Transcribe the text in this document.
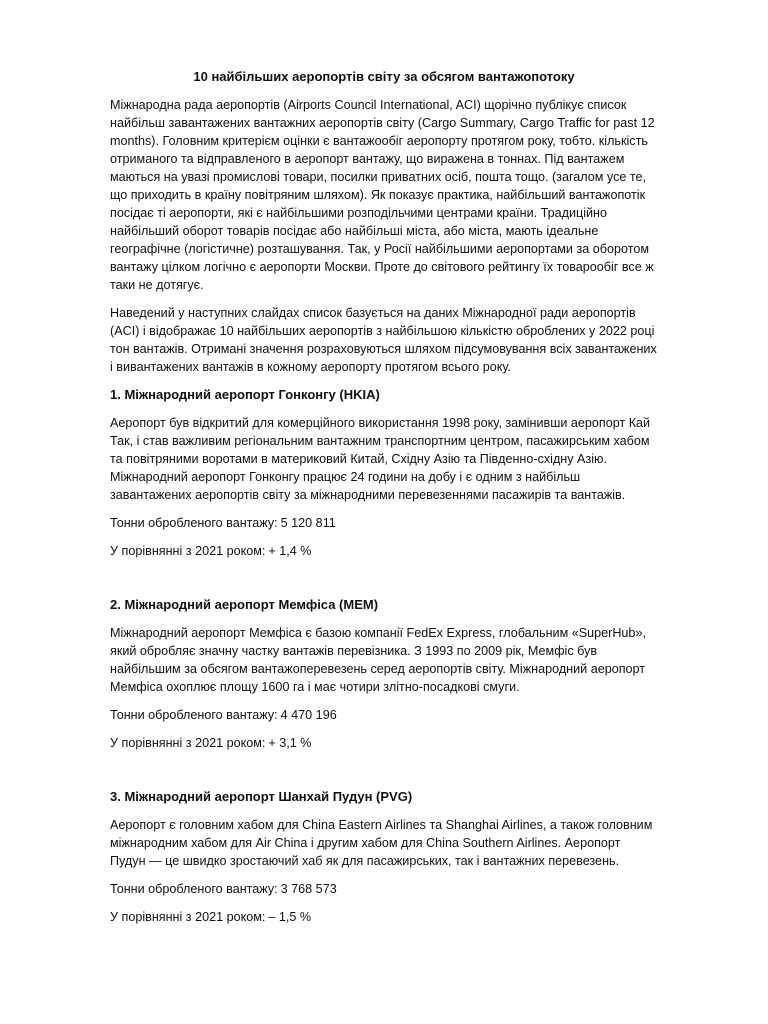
10 найбільших аеропортів світу за обсягом вантажопотоку

Міжнародна рада аеропортів (Airports Council Internatіonal, ACI) щорічно публікує список найбільш завантажених вантажних аеропортів світу (Cargo Summary, Cargo Traffic for past 12 months). Головним критерієм оцінки є вантажообіг аеропорту протягом року, тобто. кількість отриманого та відправленого в аеропорт вантажу, що виражена в тоннах. Під вантажем маються на увазі промислові товари, посилки приватних осіб, пошта тощо. (загалом усе те, що приходить в країну повітряним шляхом). Як показує практика, найбільший вантажопотік посідає ті аеропорти, які є найбільшими розподільчими центрами країни. Традиційно найбільший оборот товарів посідає або найбільші міста, або міста, мають ідеальне географічне (логістичне) розташування. Так, у Росії найбільшими аеропортами за оборотом вантажу цілком логічно є аеропорти Москви. Проте до світового рейтингу їх товарообіг все ж таки не дотягує.

Наведений у наступних слайдах список базується на даних Міжнародної ради аеропортів (ACI) і відображає 10 найбільших аеропортів з найбільшою кількістю оброблених у 2022 році тон вантажів. Отримані значення розраховуються шляхом підсумовування всіх завантажених і вивантажених вантажів в кожному аеропорту протягом всього року.

1. Міжнародний аеропорт Гонконгу (HKIA)

Аеропорт був відкритий для комерційного використання 1998 року, замінивши аеропорт Кай Так, і став важливим регіональним вантажним транспортним центром, пасажирським хабом та повітряними воротами в материковий Китай, Східну Азію та Південно-східну Азію. Міжнародний аеропорт Гонконгу працює 24 години на добу і є одним з найбільш завантажених аеропортів світу за міжнародними перевезеннями пасажирів та вантажів.

Тонни обробленого вантажу: 5 120 811
У порівнянні з 2021 роком: + 1,4 %
2. Міжнародний аеропорт Мемфіса (MEM)

Міжнародний аеропорт Мемфіса є базою компанії FedEx Express, глобальним «SuperHub», який обробляє значну частку вантажів перевізника. З 1993 по 2009 рік, Мемфіс був найбільшим за обсягом вантажоперевезень серед аеропортів світу. Міжнародний аеропорт Мемфіса охоплює площу 1600 га і має чотири злітно-посадкові смуги.

Тонни обробленого вантажу: 4 470 196
У порівнянні з 2021 роком: + 3,1 %
3. Міжнародний аеропорт Шанхай Пудун (PVG)

Аеропорт є головним хабом для China Eastern Airlines та Shanghai Airlines, а також головним міжнародним хабом для Air China і другим хабом для China Southern Airlines. Аеропорт Пудун — це швидко зростаючий хаб як для пасажирських, так і вантажних перевезень.

Тонни обробленого вантажу: 3 768 573
У порівнянні з 2021 роком: – 1,5 %
